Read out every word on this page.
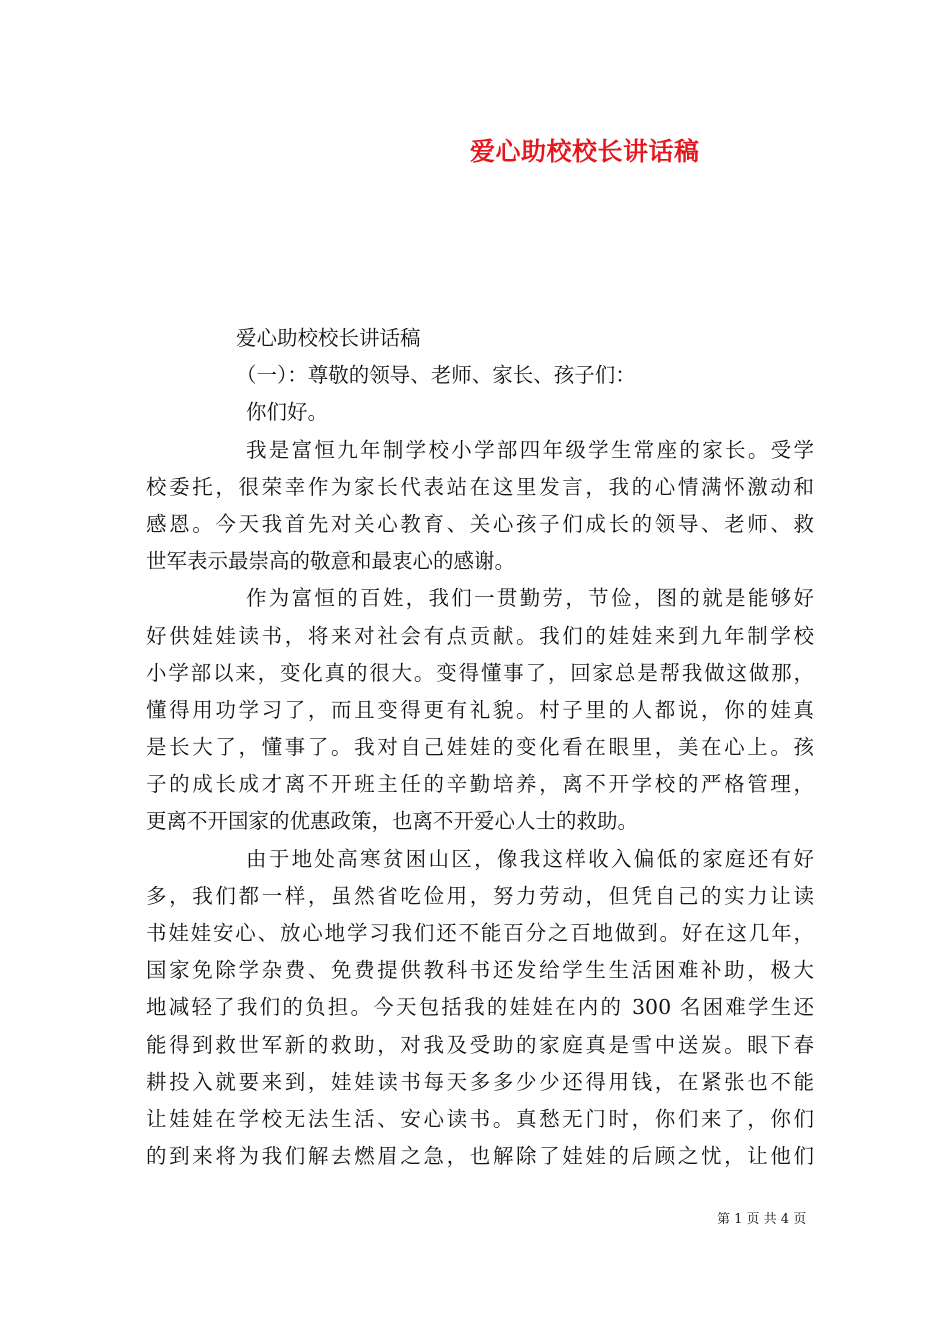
爱心助校校长讲话稿
爱心助校校长讲话稿
（一）：尊敬的领导、老师、家长、孩子们：
你们好。
我是富恒九年制学校小学部四年级学生常座的家长。受学
校委托，很荣幸作为家长代表站在这里发言，我的心情满怀激动和
感恩。今天我首先对关心教育、关心孩子们成长的领导、老师、救
世军表示最崇高的敬意和最衷心的感谢。
作为富恒的百姓，我们一贯勤劳，节俭，图的就是能够好
好供娃娃读书，将来对社会有点贡献。我们的娃娃来到九年制学校
小学部以来，变化真的很大。变得懂事了，回家总是帮我做这做那，
懂得用功学习了，而且变得更有礼貌。村子里的人都说，你的娃真
是长大了，懂事了。我对自己娃娃的变化看在眼里，美在心上。孩
子的成长成才离不开班主任的辛勤培养，离不开学校的严格管理，
更离不开国家的优惠政策，也离不开爱心人士的救助。
由于地处高寒贫困山区，像我这样收入偏低的家庭还有好
多，我们都一样，虽然省吃俭用，努力劳动，但凭自己的实力让读
书娃娃安心、放心地学习我们还不能百分之百地做到。好在这几年，
国家免除学杂费、免费提供教科书还发给学生生活困难补助，极大
地减轻了我们的负担。今天包括我的娃娃在内的 300 名困难学生还
能得到救世军新的救助，对我及受助的家庭真是雪中送炭。眼下春
耕投入就要来到，娃娃读书每天多多少少还得用钱，在紧张也不能
让娃娃在学校无法生活、安心读书。真愁无门时，你们来了，你们
的到来将为我们解去燃眉之急，也解除了娃娃的后顾之忧，让他们
第 1 页 共 4 页
